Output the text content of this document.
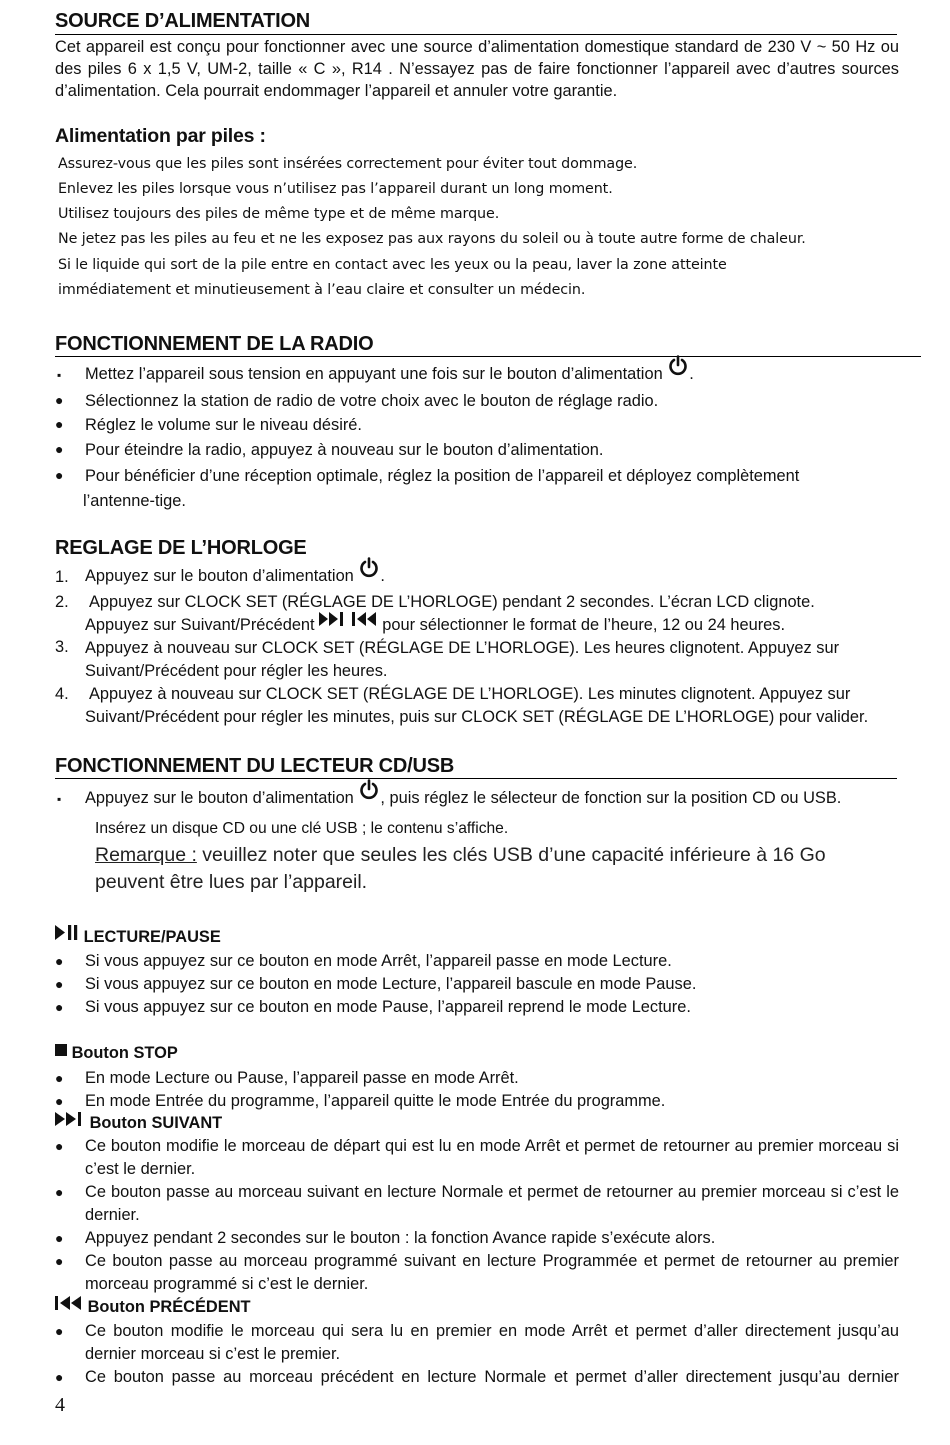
SOURCE D’ALIMENTATION
Cet appareil est conçu pour fonctionner avec une source d’alimentation domestique standard de 230 V ~ 50 Hz ou des piles 6 x 1,5 V, UM-2, taille « C », R14 . N’essayez pas de faire fonctionner l’appareil avec d’autres sources d’alimentation. Cela pourrait endommager l’appareil et annuler votre garantie.
Alimentation par piles :
Assurez-vous que les piles sont insérées correctement pour éviter tout dommage.
Enlevez les piles lorsque vous n’utilisez pas l’appareil durant un long moment.
Utilisez toujours des piles de même type et de même marque.
Ne jetez pas les piles au feu et ne les exposez pas aux rayons du soleil ou à toute autre forme de chaleur.
Si le liquide qui sort de la pile entre en contact avec les yeux ou la peau, laver la zone atteinte
immédiatement et minutieusement à l’eau claire et consulter un médecin.
FONCTIONNEMENT DE LA RADIO
▪ Mettez l’appareil sous tension en appuyant une fois sur le bouton d’alimentation .
● Sélectionnez la station de radio de votre choix avec le bouton de réglage radio.
● Réglez le volume sur le niveau désiré.
● Pour éteindre la radio, appuyez à nouveau sur le bouton d’alimentation.
● Pour bénéficier d’une réception optimale, réglez la position de l’appareil et déployez complètement
l’antenne-tige.
REGLAGE DE L’HORLOGE
1. Appuyez sur le bouton d’alimentation .
2. Appuyez sur CLOCK SET (RÉGLAGE DE L’HORLOGE) pendant 2 secondes. L’écran LCD clignote.
Appuyez sur Suivant/Précédent	pour sélectionner le format de l’heure, 12 ou 24 heures.
3. Appuyez à nouveau sur CLOCK SET (RÉGLAGE DE L’HORLOGE). Les heures clignotent. Appuyez sur
Suivant/Précédent pour régler les heures.
4. Appuyez à nouveau sur CLOCK SET (RÉGLAGE DE L’HORLOGE). Les minutes clignotent. Appuyez sur
Suivant/Précédent pour régler les minutes, puis sur CLOCK SET (RÉGLAGE DE L’HORLOGE) pour valider.
FONCTIONNEMENT DU LECTEUR CD/USB
▪ Appuyez sur le bouton d’alimentation , puis réglez le sélecteur de fonction sur la position CD ou USB.
Insérez un disque CD ou une clé USB ; le contenu s’affiche.
Remarque : veuillez noter que seules les clés USB d’une capacité inférieure à 16 Go
peuvent être lues par l’appareil.
LECTURE/PAUSE
● Si vous appuyez sur ce bouton en mode Arrêt, l’appareil passe en mode Lecture.
● Si vous appuyez sur ce bouton en mode Lecture, l’appareil bascule en mode Pause.
● Si vous appuyez sur ce bouton en mode Pause, l’appareil reprend le mode Lecture.
Bouton STOP
● En mode Lecture ou Pause, l’appareil passe en mode Arrêt.
● En mode Entrée du programme, l’appareil quitte le mode Entrée du programme.
Bouton SUIVANT
● Ce bouton modifie le morceau de départ qui est lu en mode Arrêt et permet de retourner au premier morceau si c’est le dernier.
● Ce bouton passe au morceau suivant en lecture Normale et permet de retourner au premier morceau si c’est le dernier.
● Appuyez pendant 2 secondes sur le bouton : la fonction Avance rapide s’exécute alors.
● Ce bouton passe au morceau programmé suivant en lecture Programmée et permet de retourner au premier morceau programmé si c’est le dernier.
Bouton PRÉCÉDENT
● Ce bouton modifie le morceau qui sera lu en premier en mode Arrêt et permet d’aller directement jusqu’au dernier morceau si c’est le premier.
● Ce bouton passe au morceau précédent en lecture Normale et permet d’aller directement jusqu’au dernier
4
